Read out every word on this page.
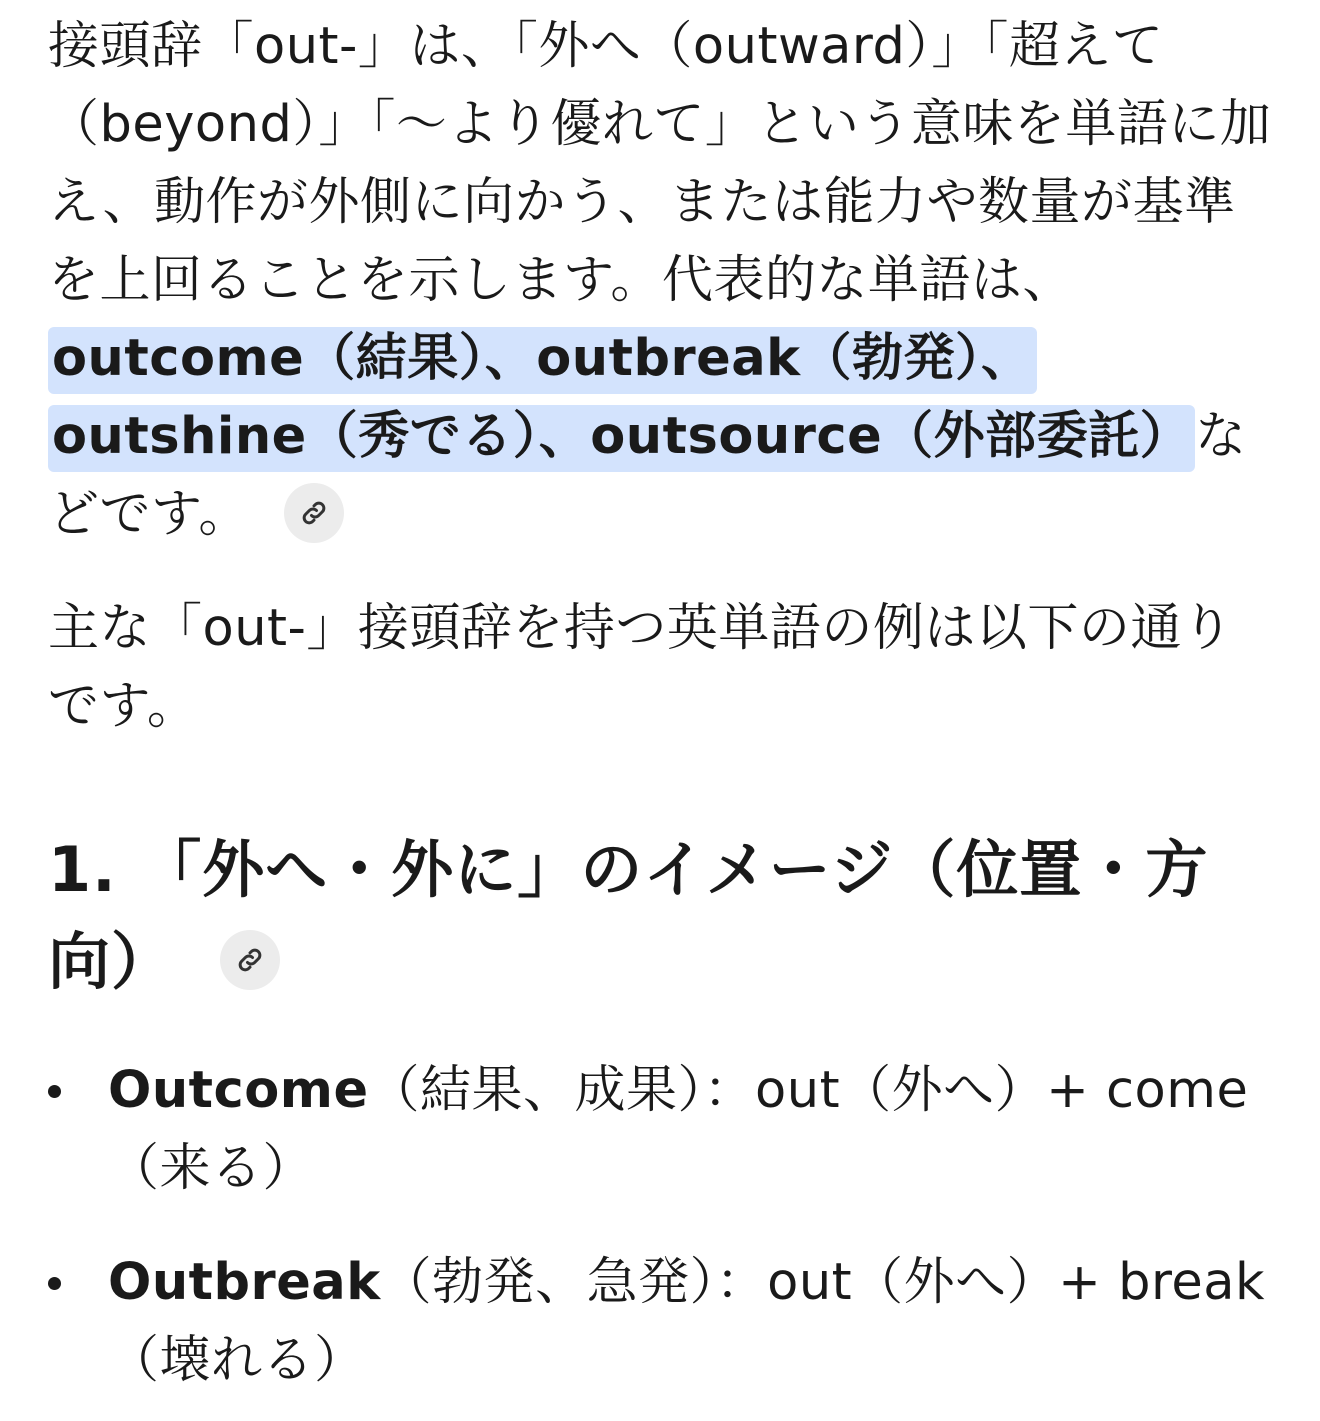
接頭辞「out-」は、「外へ（outward）」「超えて（beyond）」「～より優れて」という意味を単語に加え、動作が外側に向かう、または能力や数量が基準を上回ることを示します。代表的な単語は、outcome（結果）、outbreak（勃発）、outshine（秀でる）、outsource（外部委託）などです。

主な「out-」接頭辞を持つ英単語の例は以下の通りです。

1. 「外へ・外に」のイメージ（位置・方向）
Outcome（結果、成果）：out（外へ）+ come（来る）
Outbreak（勃発、急発）：out（外へ）+ break（壊れる）
